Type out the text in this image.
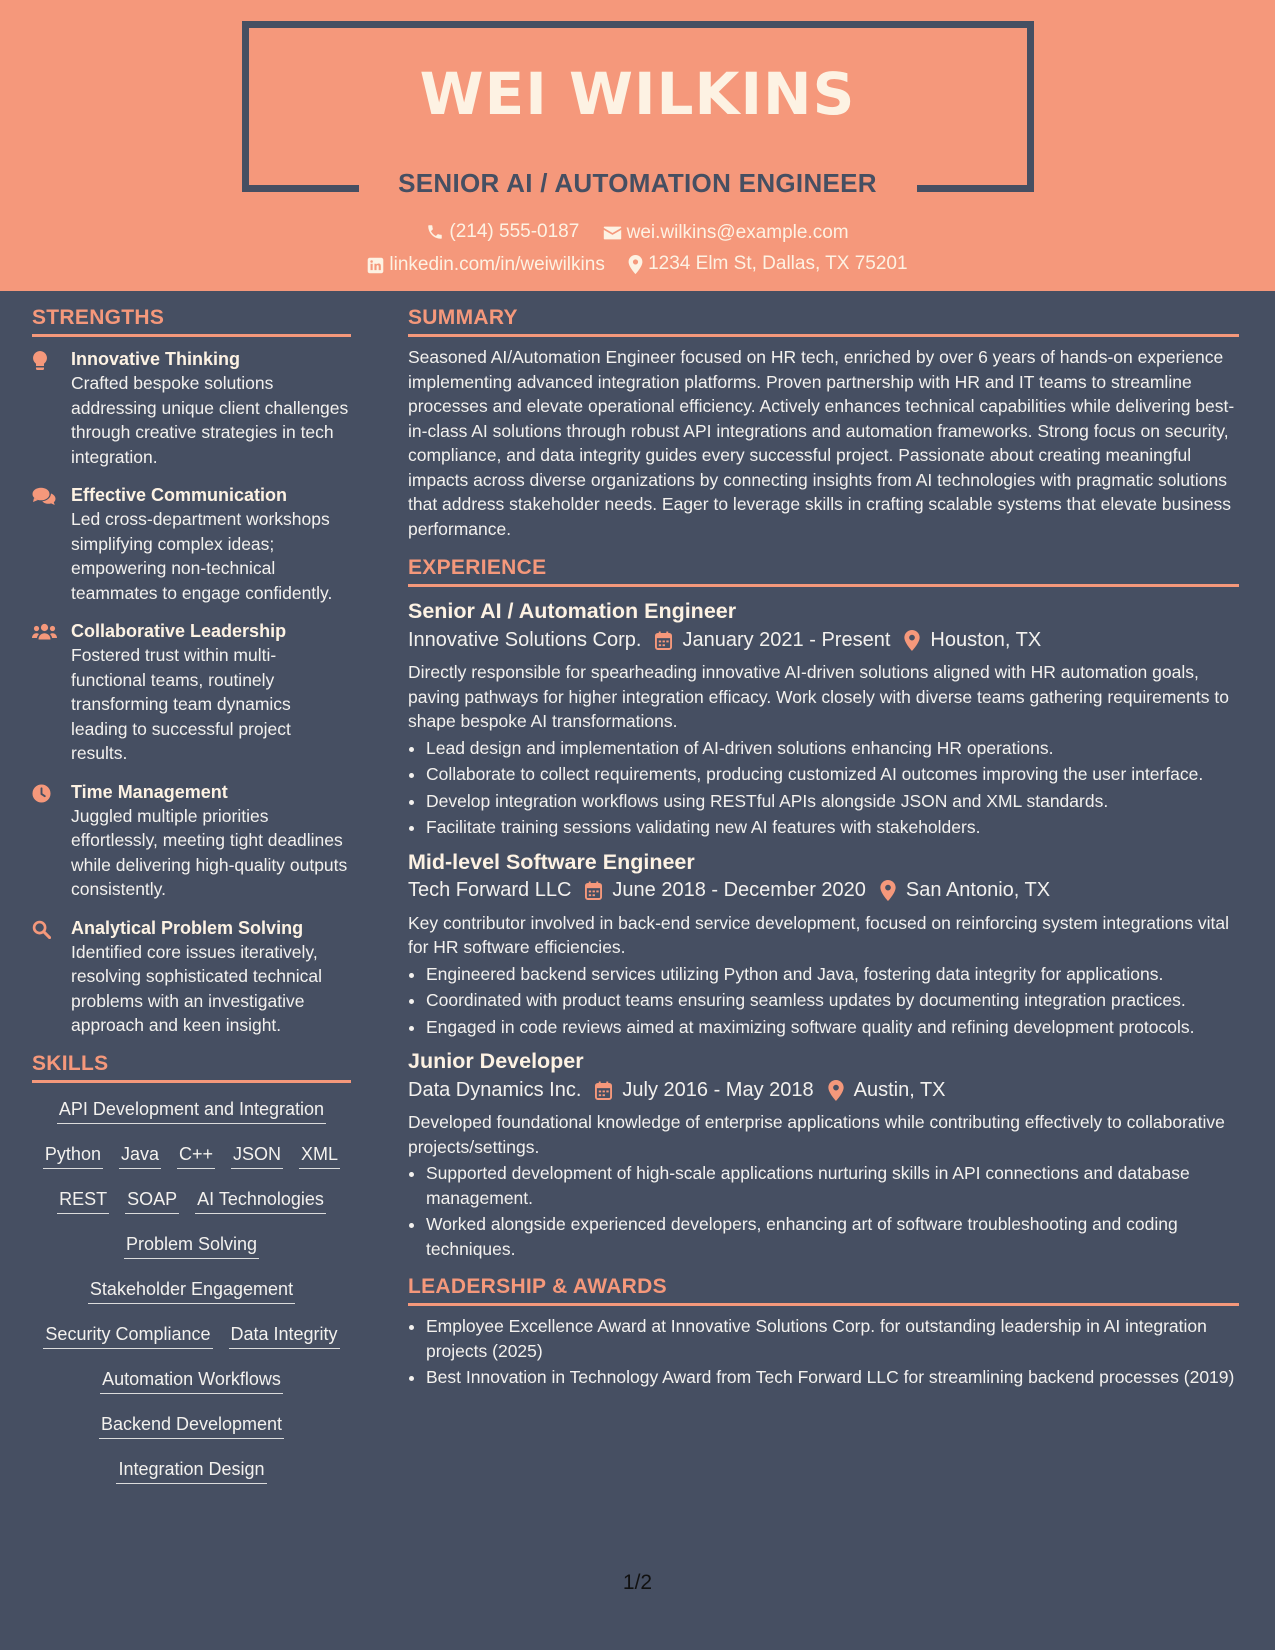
WEI WILKINS
SENIOR AI / AUTOMATION ENGINEER
(214) 555-0187
wei.wilkins@example.com
linkedin.com/in/weiwilkins
1234 Elm St, Dallas, TX 75201
STRENGTHS
Innovative Thinking
Crafted bespoke solutions addressing unique client challenges through creative strategies in tech integration.
Effective Communication
Led cross-department workshops simplifying complex ideas; empowering non-technical teammates to engage confidently.
Collaborative Leadership
Fostered trust within multi-functional teams, routinely transforming team dynamics leading to successful project results.
Time Management
Juggled multiple priorities effortlessly, meeting tight deadlines while delivering high-quality outputs consistently.
Analytical Problem Solving
Identified core issues iteratively, resolving sophisticated technical problems with an investigative approach and keen insight.
SKILLS
API Development and Integration
Python Java C++ JSON XML
REST SOAP AI Technologies
Problem Solving
Stakeholder Engagement
Security Compliance Data Integrity
Automation Workflows
Backend Development
Integration Design
SUMMARY
Seasoned AI/Automation Engineer focused on HR tech, enriched by over 6 years of hands-on experience implementing advanced integration platforms. Proven partnership with HR and IT teams to streamline processes and elevate operational efficiency. Actively enhances technical capabilities while delivering best-in-class AI solutions through robust API integrations and automation frameworks. Strong focus on security, compliance, and data integrity guides every successful project. Passionate about creating meaningful impacts across diverse organizations by connecting insights from AI technologies with pragmatic solutions that address stakeholder needs. Eager to leverage skills in crafting scalable systems that elevate business performance.
EXPERIENCE
Senior AI / Automation Engineer
Innovative Solutions Corp. January 2021 - Present Houston, TX
Directly responsible for spearheading innovative AI-driven solutions aligned with HR automation goals, paving pathways for higher integration efficacy. Work closely with diverse teams gathering requirements to shape bespoke AI transformations.
• Lead design and implementation of AI-driven solutions enhancing HR operations.
• Collaborate to collect requirements, producing customized AI outcomes improving the user interface.
• Develop integration workflows using RESTful APIs alongside JSON and XML standards.
• Facilitate training sessions validating new AI features with stakeholders.
Mid-level Software Engineer
Tech Forward LLC June 2018 - December 2020 San Antonio, TX
Key contributor involved in back-end service development, focused on reinforcing system integrations vital for HR software efficiencies.
• Engineered backend services utilizing Python and Java, fostering data integrity for applications.
• Coordinated with product teams ensuring seamless updates by documenting integration practices.
• Engaged in code reviews aimed at maximizing software quality and refining development protocols.
Junior Developer
Data Dynamics Inc. July 2016 - May 2018 Austin, TX
Developed foundational knowledge of enterprise applications while contributing effectively to collaborative projects/settings.
• Supported development of high-scale applications nurturing skills in API connections and database management.
• Worked alongside experienced developers, enhancing art of software troubleshooting and coding techniques.
LEADERSHIP & AWARDS
• Employee Excellence Award at Innovative Solutions Corp. for outstanding leadership in AI integration projects (2025)
• Best Innovation in Technology Award from Tech Forward LLC for streamlining backend processes (2019)
1/2
